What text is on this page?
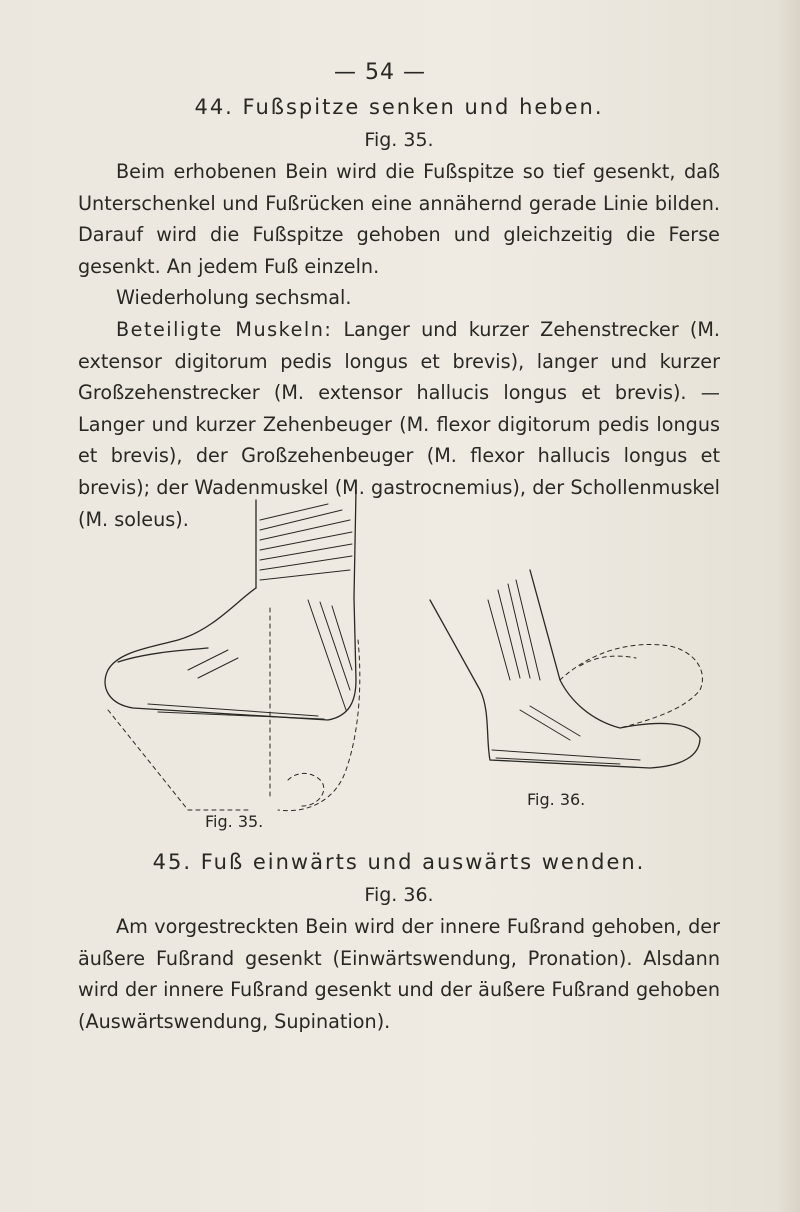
— 54 —

44. Fußspitze senken und heben.

Fig. 35.

Beim erhobenen Bein wird die Fußspitze so tief gesenkt, daß Unterschenkel und Fußrücken eine annähernd gerade Linie bilden. Darauf wird die Fußspitze gehoben und gleichzeitig die Ferse gesenkt. An jedem Fuß einzeln.

Wiederholung sechsmal.

Beteiligte Muskeln: Langer und kurzer Zehenstrecker (M. extensor digitorum pedis longus et brevis), langer und kurzer Großzehenstrecker (M. extensor hallucis longus et brevis). — Langer und kurzer Zehenbeuger (M. flexor digitorum pedis longus et brevis), der Großzehenbeuger (M. flexor hallucis longus et brevis); der Wadenmuskel (M. gastrocnemius), der Schollenmuskel (M. soleus).

Fig. 35.
Fig. 36.

45. Fuß einwärts und auswärts wenden.

Fig. 36.

Am vorgestreckten Bein wird der innere Fußrand gehoben, der äußere Fußrand gesenkt (Einwärtswendung, Pronation). Alsdann wird der innere Fußrand gesenkt und der äußere Fußrand gehoben (Auswärtswendung, Supination).
